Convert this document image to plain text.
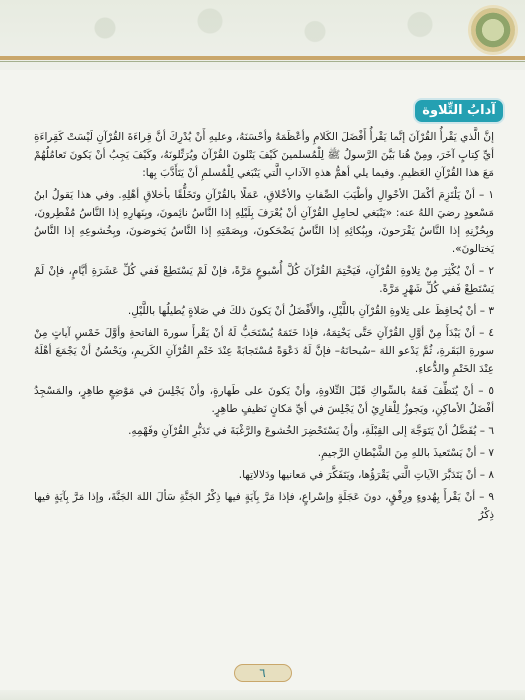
آدابُ التِّلاوة

إنَّ الَّذي يَقْرأُ القُرْآنَ إنَّما يَقْرأُ أَفْضَلَ الكَلامِ وأعْظَمَهُ وأحْسَنَهُ، وعليهِ أَنْ يُدْرِكَ أنَّ قِراءَةَ القُرْآنِ لَيْسَتْ كَقِراءَةِ أيِّ كِتابٍ آخَرَ، ومِنْ هُنا بَيَّنَ الرَّسولُ ﷺ لِلْمُسلمينَ كَيْفَ يَتْلونَ القُرْآنَ ويُرَتِّلونَهُ، وكَيْفَ يَجِبُ أنْ يَكونَ تَعامُلُهُمْ مَعَ هذا القُرْآنِ العَظيمِ. وفيما يلي أهمُّ هذهِ الآدابِ الَّتي يَنْبَغي لِلْمُسلمِ أنْ يَتَأَدَّبَ بِها:

١ – أنْ يَلْتَزِمَ أكْمَلَ الأحْوالِ وأطْيَبَ الصِّفاتِ والأخْلاقِ، عَمَلًا بالقُرْآنِ وتَخَلُّقًا بأخلاقِ أهْلِهِ. وفي هذا يَقولُ ابنُ مَسْعودٍ رضيَ اللهُ عنه: «يَنْبَغي لحامِلِ القُرْآنِ أنْ يُعْرَفَ بِلَيْلِهِ إذا النَّاسُ نائِمونَ، وبِنَهارِهِ إذا النَّاسُ مُفْطِرونَ، وبِحُزْنِهِ إذا النَّاسُ يَفْرَحونَ، وبِبُكائِهِ إذا النَّاسُ يَضْحَكونَ، وبِصَمْتِهِ إذا النَّاسُ يَخوضونَ، وبِخُشوعِهِ إذا النَّاسُ يَختالونَ».
٢ – أنْ يُكْثِرَ مِنْ تِلاوةِ القُرْآنِ، فَيَخْتِمَ القُرْآنَ كُلَّ أُسْبوعٍ مَرَّةً، فإنْ لَمْ يَسْتَطِعْ فَفي كُلِّ عَشَرَةِ أيَّامٍ، فإنْ لَمْ يَسْتَطِعْ فَفي كُلِّ شَهْرٍ مَرَّةً.
٣ – أنْ يُحافِظَ على تِلاوةِ القُرْآنِ باللَّيْلِ، والأَفْضَلُ أنْ يَكونَ ذلكَ في صَلاةٍ يُطيلُها باللَّيْلِ.
٤ – أنْ يَبْدَأَ مِنْ أوَّلِ القُرْآنِ حَتَّى يَخْتِمَهُ، فإذا خَتَمَهُ يُسْتَحَبُّ لَهُ أنْ يَقْرأَ سورةَ الفاتحةِ وأوَّلَ خَمْسِ آياتٍ مِنْ سورةِ البَقَرةِ، ثُمَّ يَدْعو اللهَ –سُبحانَهُ– فإنَّ لَهُ دَعْوَةً مُسْتَجابَةً عِنْدَ خَتْمِ القُرْآنِ الكَريمِ، ويَحْسُنُ أنْ يَجْمَعَ أهْلَهُ عِنْدَ الخَتْمِ والدُّعاءِ.
٥ – أنْ يُنَظِّفَ فَمَهُ بالسِّواكِ قَبْلَ التِّلاوةِ، وأنْ يَكونَ على طَهارةٍ، وأنْ يَجْلِسَ في مَوْضِعٍ طاهِرٍ، والمَسْجِدُ أفْضَلُ الأماكِنِ، ويَجوزُ لِلْقارِئِ أنْ يَجْلِسَ في أيِّ مَكانٍ نَظيفٍ طاهِرٍ.
٦ – يُفَضَّلُ أنْ يَتَوَجَّهَ إلى القِبْلَةِ، وأنْ يَسْتَحْضِرَ الخُشوعَ والرَّغْبَةَ في تَدَبُّرِ القُرْآنِ وفَهْمِهِ.
٧ – أنْ يَسْتَعيذَ باللهِ مِنَ الشَّيْطانِ الرَّجيمِ.
٨ – أنْ يَتَدَبَّرَ الآياتِ الَّتي يَقْرَؤُها، ويَتَفَكَّرَ في مَعانيها ودَلالاتِها.
٩ – أنْ يَقْرأَ بِهُدوءٍ ورِفْقٍ، دونَ عَجَلَةٍ وإسْراعٍ، فإذا مَرَّ بِآيَةٍ فيها ذِكْرُ الجَنَّةِ سَألَ اللهَ الجَنَّةَ، وإذا مَرَّ بِآيَةٍ فيها ذِكْرُ
٦
